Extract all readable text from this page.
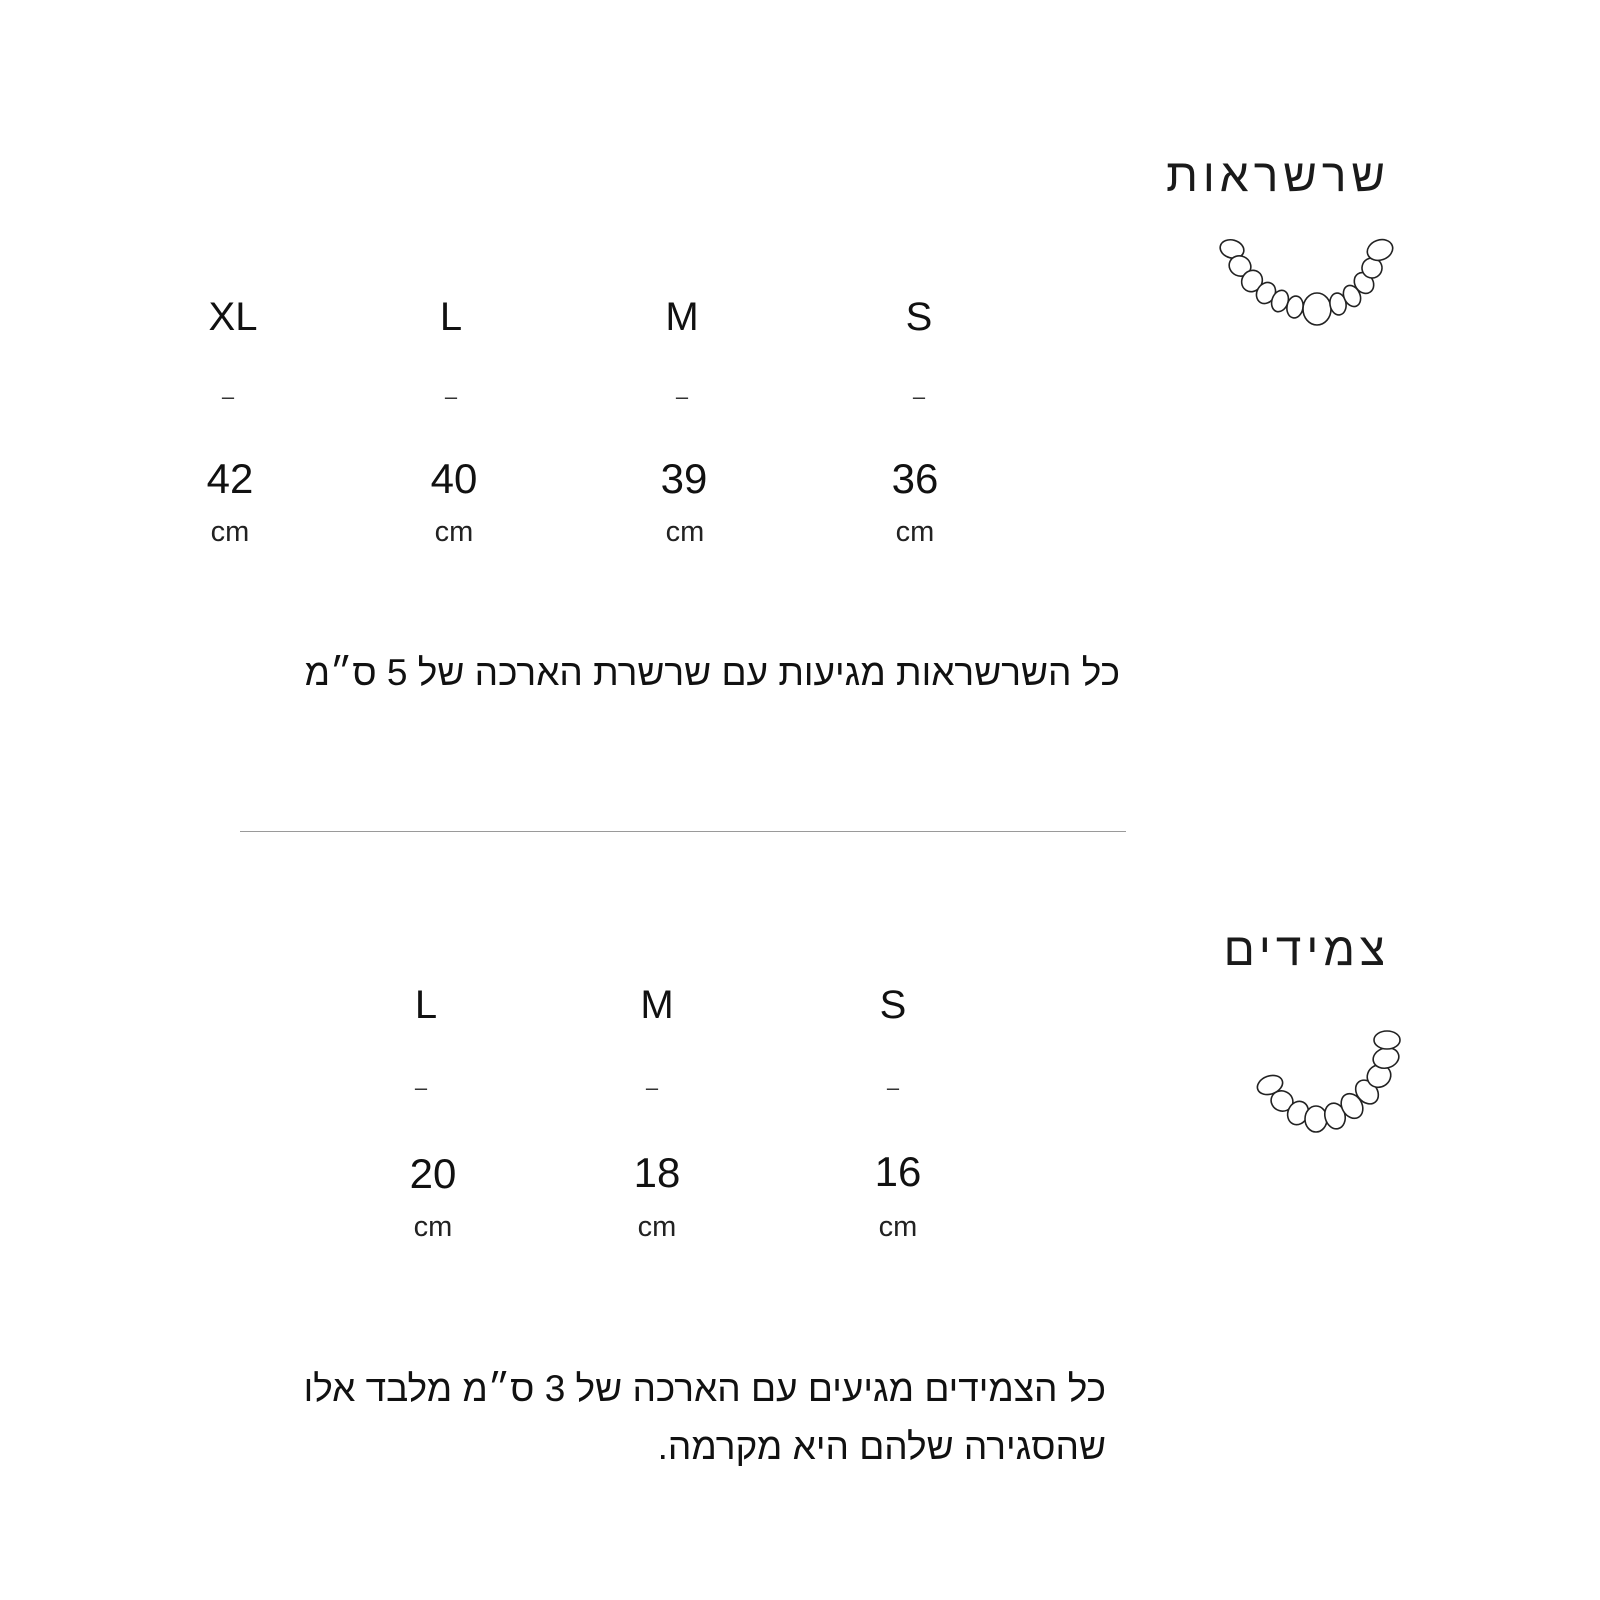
שרשראות
S
–
36
cm
M
–
39
cm
L
–
40
cm
XL
–
42
cm
כל השרשראות מגיעות עם שרשרת הארכה של 5 ס״מ
צמידים
S
–
16
cm
M
–
18
cm
L
–
20
cm
כל הצמידים מגיעים עם הארכה של 3 ס״מ מלבד אלו
שהסגירה שלהם היא מקרמה.
